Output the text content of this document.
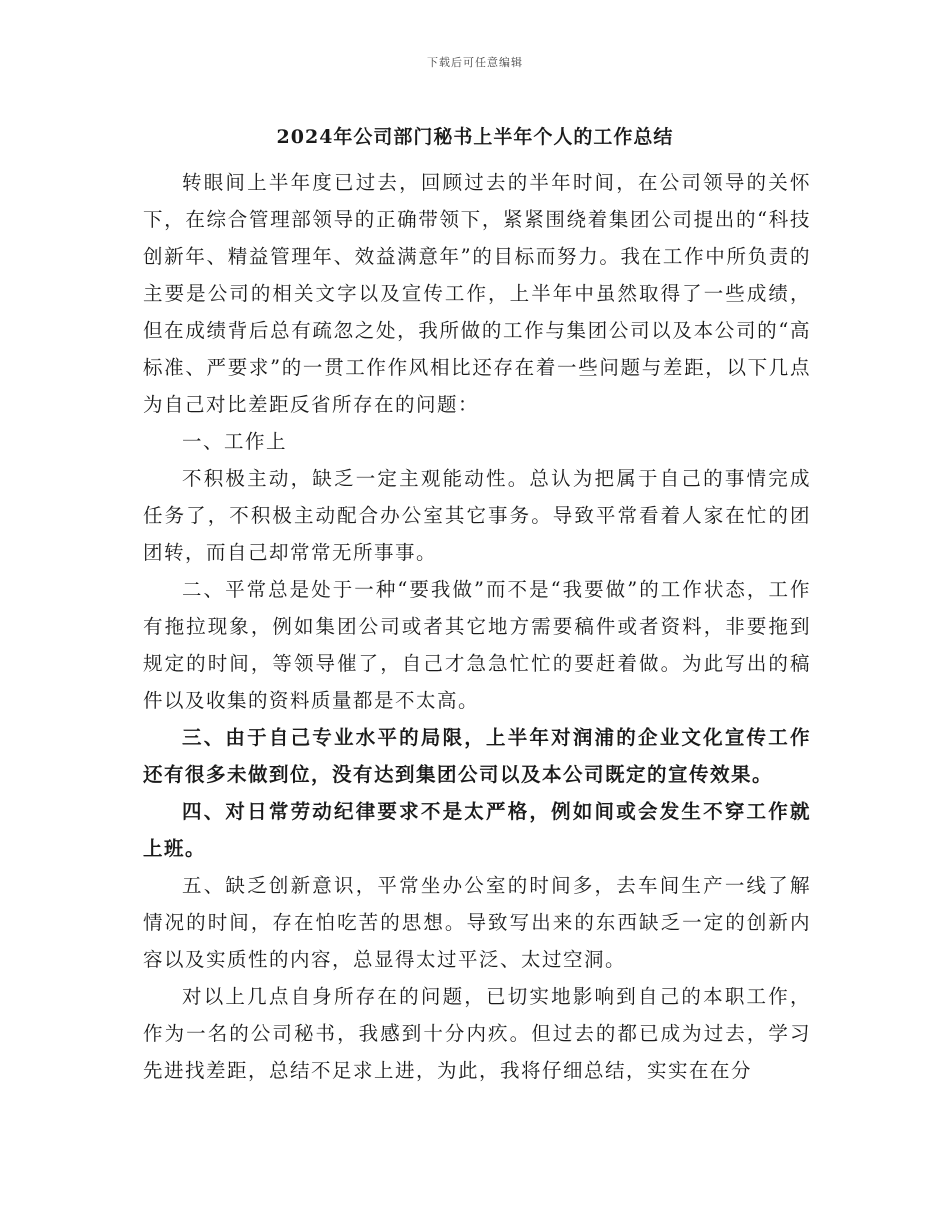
下载后可任意编辑
2024年公司部门秘书上半年个人的工作总结

转眼间上半年度已过去，回顾过去的半年时间，在公司领导的关怀下，在综合管理部领导的正确带领下，紧紧围绕着集团公司提出的“科技创新年、精益管理年、效益满意年”的目标而努力。我在工作中所负责的主要是公司的相关文字以及宣传工作，上半年中虽然取得了一些成绩，但在成绩背后总有疏忽之处，我所做的工作与集团公司以及本公司的“高标准、严要求”的一贯工作作风相比还存在着一些问题与差距，以下几点为自己对比差距反省所存在的问题：

一、工作上

不积极主动，缺乏一定主观能动性。总认为把属于自己的事情完成任务了，不积极主动配合办公室其它事务。导致平常看着人家在忙的团团转，而自己却常常无所事事。

二、平常总是处于一种“要我做”而不是“我要做”的工作状态，工作有拖拉现象，例如集团公司或者其它地方需要稿件或者资料，非要拖到规定的时间，等领导催了，自己才急急忙忙的要赶着做。为此写出的稿件以及收集的资料质量都是不太高。

三、由于自己专业水平的局限，上半年对润浦的企业文化宣传工作还有很多未做到位，没有达到集团公司以及本公司既定的宣传效果。

四、对日常劳动纪律要求不是太严格，例如间或会发生不穿工作就上班。

五、缺乏创新意识，平常坐办公室的时间多，去车间生产一线了解情况的时间，存在怕吃苦的思想。导致写出来的东西缺乏一定的创新内容以及实质性的内容，总显得太过平泛、太过空洞。

对以上几点自身所存在的问题，已切实地影响到自己的本职工作，作为一名的公司秘书，我感到十分内疚。但过去的都已成为过去，学习先进找差距，总结不足求上进，为此，我将仔细总结，实实在在分
